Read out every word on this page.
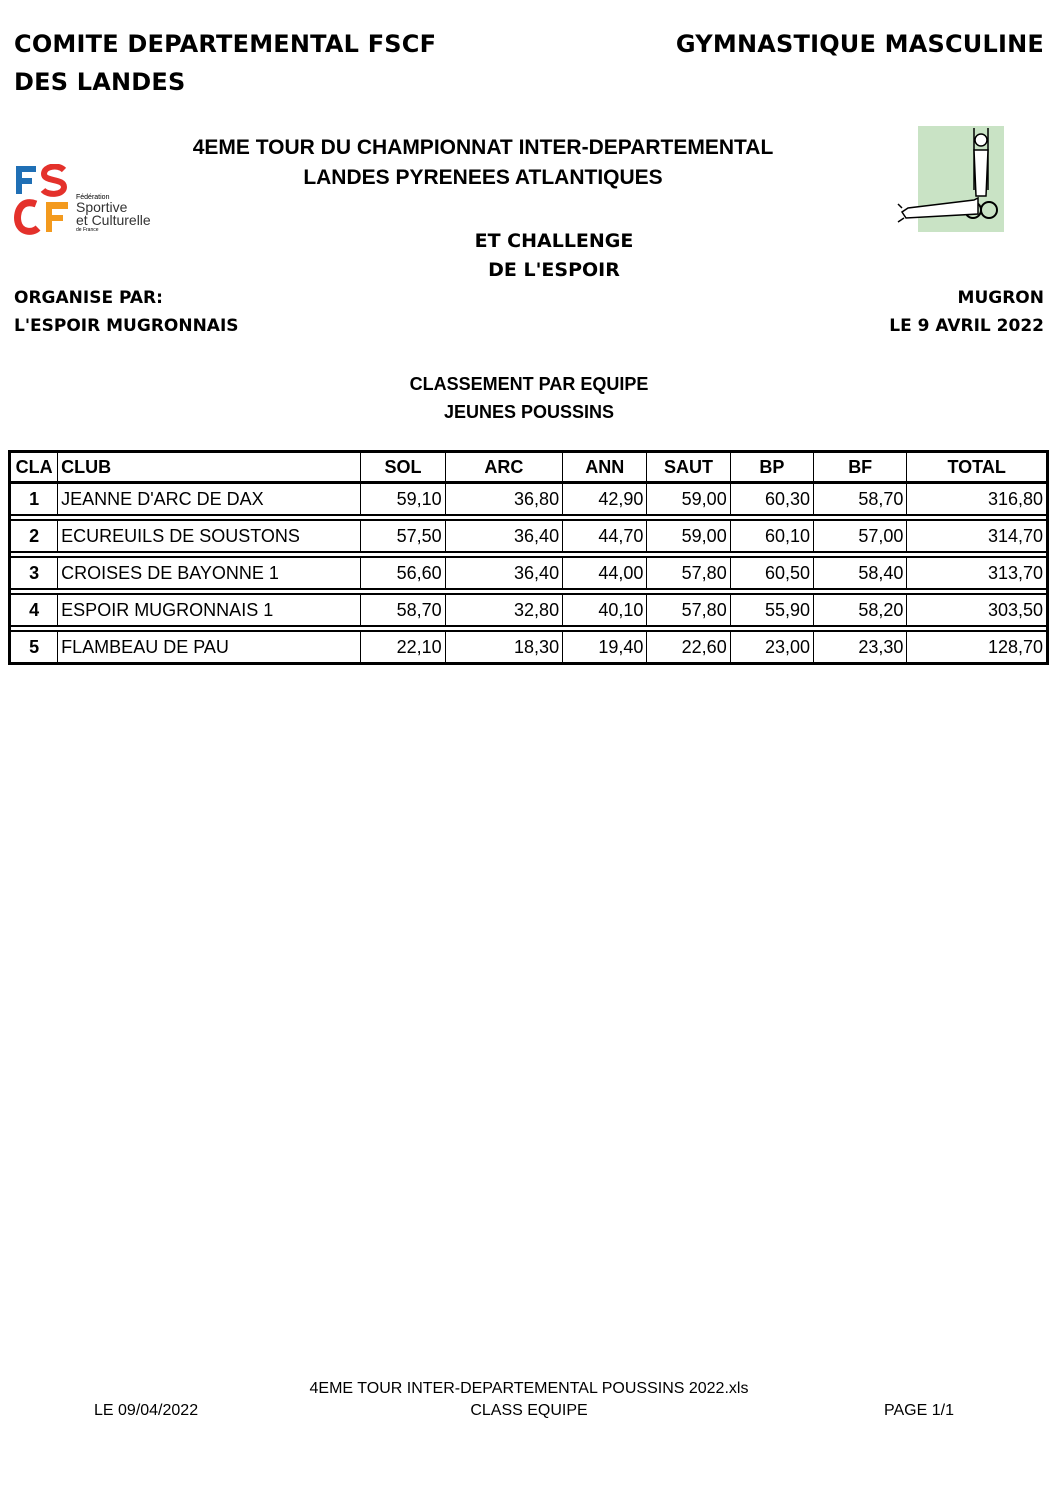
COMITE DEPARTEMENTAL FSCF
DES LANDES
GYMNASTIQUE MASCULINE
Fédération
Sportive
et Culturelle
de France
4EME TOUR DU CHAMPIONNAT INTER-DEPARTEMENTAL
LANDES PYRENEES ATLANTIQUES
ET CHALLENGE
DE L'ESPOIR
ORGANISE PAR:
L'ESPOIR MUGRONNAIS
MUGRON
LE 9 AVRIL 2022
CLASSEMENT PAR EQUIPE
JEUNES POUSSINS
CLA	CLUB	SOL	ARC	ANN	SAUT	BP	BF	TOTAL
1	JEANNE D'ARC DE DAX	59,10	36,80	42,90	59,00	60,30	58,70	316,80

2	ECUREUILS DE SOUSTONS	57,50	36,40	44,70	59,00	60,10	57,00	314,70

3	CROISES DE BAYONNE 1	56,60	36,40	44,00	57,80	60,50	58,40	313,70

4	ESPOIR MUGRONNAIS 1	58,70	32,80	40,10	57,80	55,90	58,20	303,50

5	FLAMBEAU DE PAU	22,10	18,30	19,40	22,60	23,00	23,30	128,70
4EME TOUR INTER-DEPARTEMENTAL POUSSINS 2022.xls
LE 09/04/2022	CLASS EQUIPE	PAGE 1/1
